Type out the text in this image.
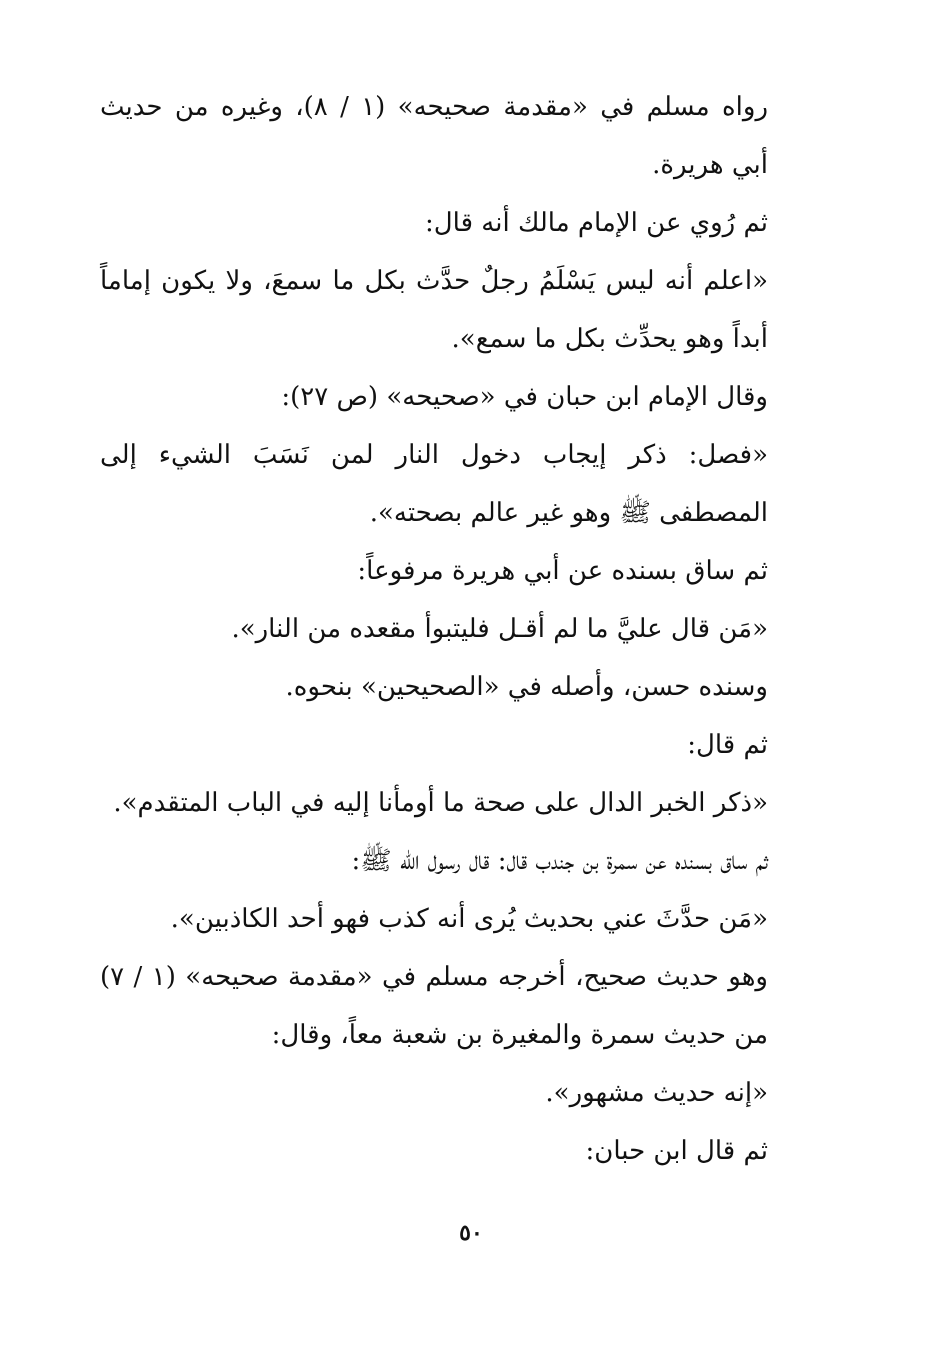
رواه مسلم في «مقدمة صحيحه» (١ / ٨)، وغيره من حديث أبي هريرة.

ثم رُوي عن الإمام مالك أنه قال:

«اعلم أنه ليس يَسْلَمُ رجلٌ حدَّث بكل ما سمعَ، ولا يكون إماماً أبداً وهو يحدِّث بكل ما سمع».

وقال الإمام ابن حبان في «صحيحه» (ص ٢٧):

«فصل: ذكر إيجاب دخول النار لمن نَسَبَ الشيء إلى المصطفى ﷺ وهو غير عالم بصحته».

ثم ساق بسنده عن أبي هريرة مرفوعاً:

«مَن قال عليَّ ما لم أقـل فليتبوأ مقعده من النار».

وسنده حسن، وأصله في «الصحيحين» بنحوه.

ثم قال:

«ذكر الخبر الدال على صحة ما أومأنا إليه في الباب المتقدم».

ثم ساق بسنده عن سمرة بن جندب قال: قال رسول الله ﷺ:

«مَن حدَّثَ عني بحديث يُرى أنه كذب فهو أحد الكاذبين».

وهو حديث صحيح، أخرجه مسلم في «مقدمة صحيحه» (١ / ٧) من حديث سمرة والمغيرة بن شعبة معاً، وقال:

«إنه حديث مشهور».

ثم قال ابن حبان:

٥٠
